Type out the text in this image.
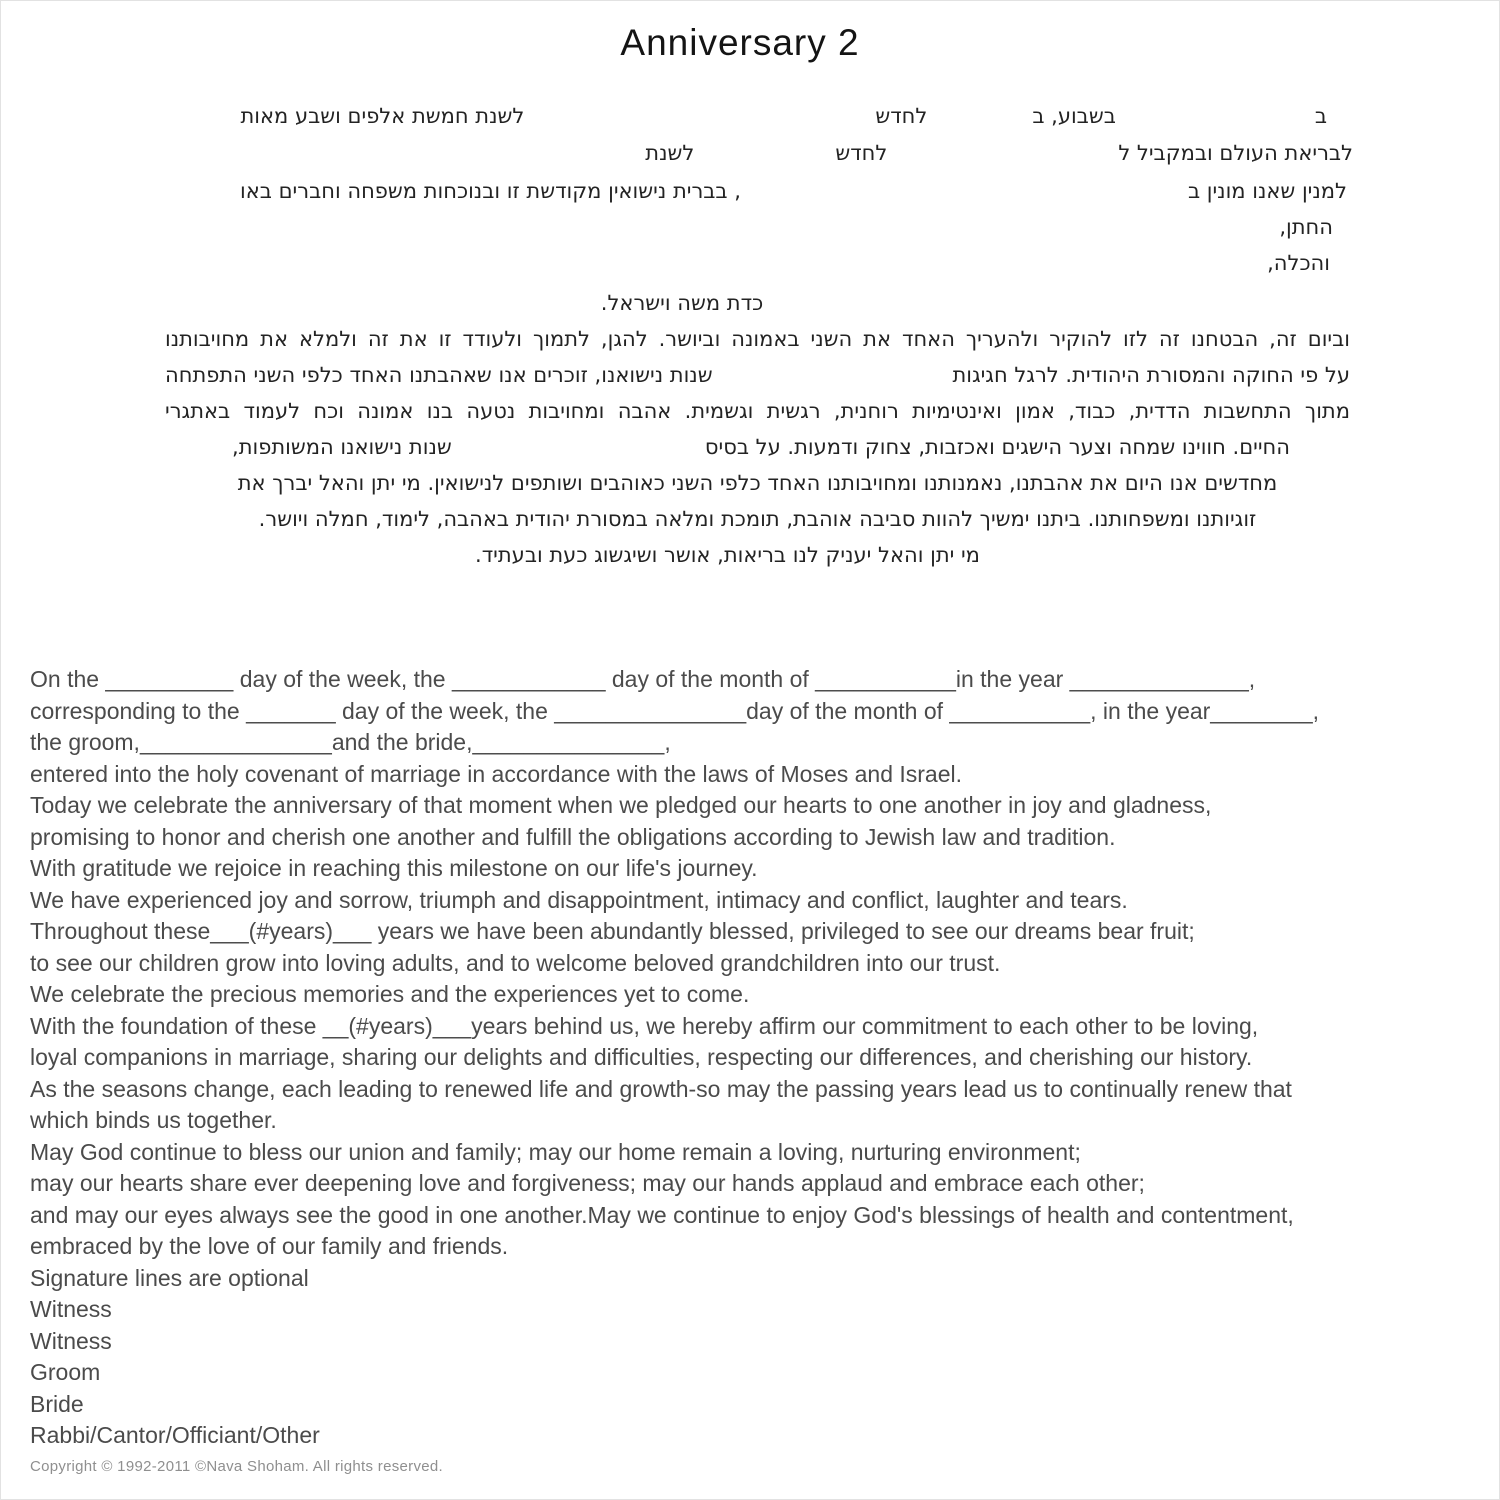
Anniversary 2
ב
בשבוע, ב
לחדש
לשנת חמשת אלפים ושבע מאות
לבריאת העולם ובמקביל ל
לחדש
לשנת
למנין שאנו מונין ב
, בברית נישואין מקודשת זו ובנוכחות משפחה וחברים באו
החתן,
והכלה,
כדת משה וישראל.
וביום זה, הבטחנו זה לזו להוקיר ולהעריך האחד את השני באמונה וביושר. להגן, לתמוך ולעודד זו את זה ולמלא את מחויבותנו
על פי החוקה והמסורת היהודית. לרגל חגיגות
שנות נישואנו, זוכרים אנו שאהבתנו האחד כלפי השני התפתחה
מתוך התחשבות הדדית, כבוד, אמון ואינטימיות רוחנית, רגשית וגשמית. אהבה ומחויבות נטעה בנו אמונה וכח לעמוד באתגרי
החיים. חווינו שמחה וצער הישגים ואכזבות, צחוק ודמעות. על בסיס
שנות נישואנו המשותפות,
מחדשים אנו היום את אהבתנו, נאמנותנו ומחויבותנו האחד כלפי השני כאוהבים ושותפים לנישואין. מי יתן והאל יברך את
זוגיותנו ומשפחותנו. ביתנו ימשיך להוות סביבה אוהבת, תומכת ומלאה במסורת יהודית באהבה, לימוד, חמלה ויושר.
מי יתן והאל יעניק לנו בריאות, אושר ושיגשוג כעת ובעתיד.
On the __________ day of the week, the ____________ day of the month of ___________in the year ______________,
corresponding to the _______ day of the week, the _______________day of the month of ___________, in the year________,
the groom,_______________and the bride,_______________,
entered into the holy covenant of marriage in accordance with the laws of Moses and Israel.
Today we celebrate the anniversary of that moment when we pledged our hearts to one another in joy and gladness,
promising to honor and cherish one another and fulfill the obligations according to Jewish law and tradition.
With gratitude we rejoice in reaching this milestone on our life's journey.
We have experienced joy and sorrow, triumph and disappointment, intimacy and conflict, laughter and tears.
Throughout these___(#years)___ years we have been abundantly blessed, privileged to see our dreams bear fruit;
to see our children grow into loving adults, and to welcome beloved grandchildren into our trust.
We celebrate the precious memories and the experiences yet to come.
With the foundation of these __(#years)___years behind us, we hereby affirm our commitment to each other to be loving,
loyal companions in marriage, sharing our delights and difficulties, respecting our differences, and cherishing our history.
As the seasons change, each leading to renewed life and growth-so may the passing years lead us to continually renew that
which binds us together.
May God continue to bless our union and family; may our home remain a loving, nurturing environment;
may our hearts share ever deepening love and forgiveness; may our hands applaud and embrace each other;
and may our eyes always see the good in one another.May we continue to enjoy God's blessings of health and contentment,
embraced by the love of our family and friends.
Signature lines are optional
Witness
Witness
Groom
Bride
Rabbi/Cantor/Officiant/Other
Copyright © 1992-2011 ©Nava Shoham. All rights reserved.
